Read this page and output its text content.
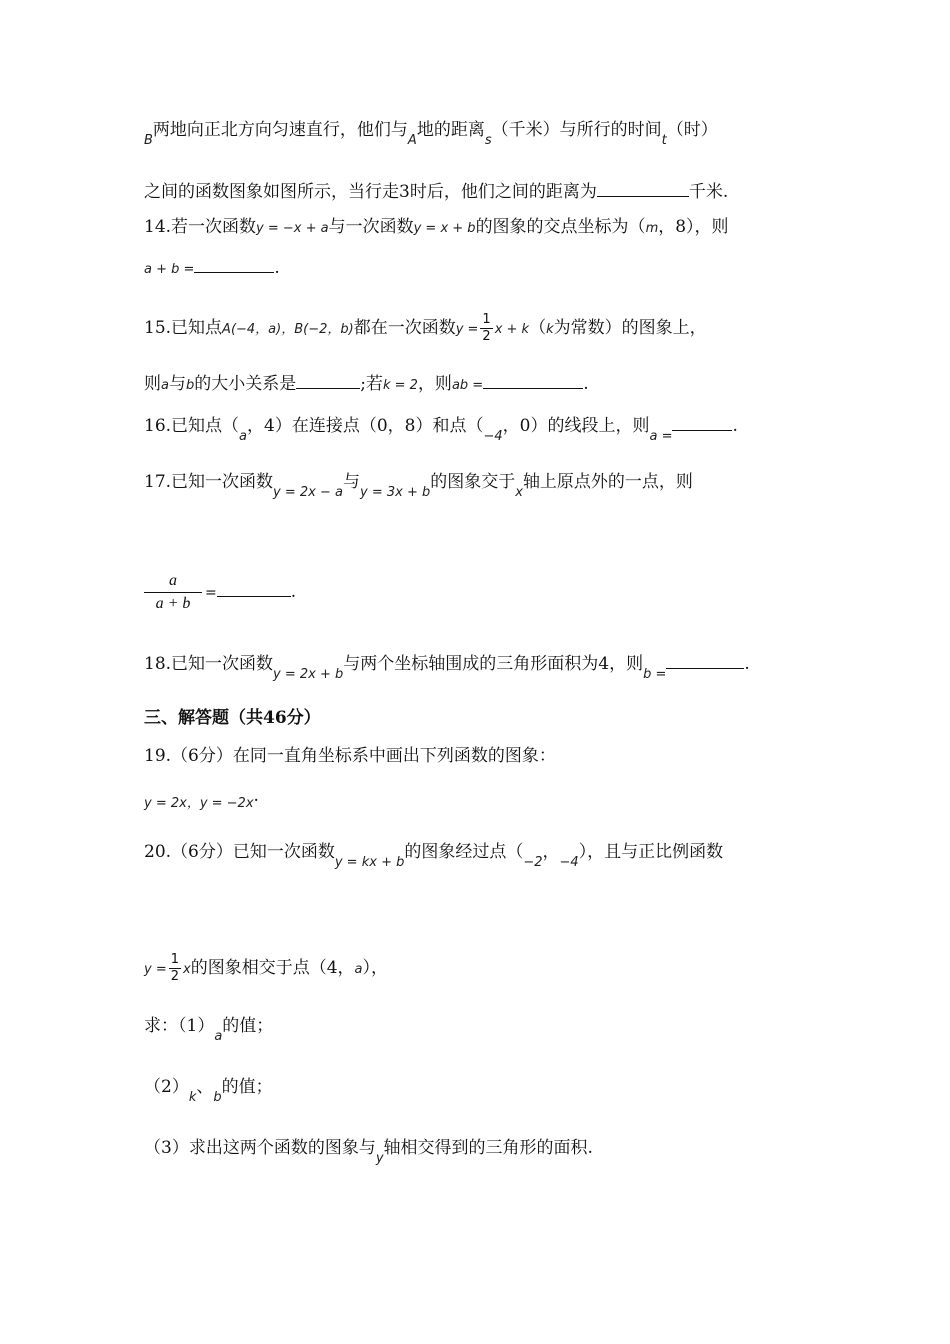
$_B$两地向正北方向匀速直行，他们与$_A$地的距离$_s$（千米）与所行的时间$_t$（时）
之间的函数图象如图所示，当行走3时后，他们之间的距离为	千米.
14.若一次函数y = −x + a与一次函数y = x + b的图象的交点坐标为（m，8），则
a + b =	.
15.已知点A(−4，a)，B(−2，b)都在一次函数$y = \frac{1}{2}$ x + k（k为常数）的图象上，
则a与b的大小关系是	;若k = 2，则ab =	.
16.已知点（$_a$，4）在连接点（0，8）和点（$_{-4}$，0）的线段上，则$_{a =}$.
17.已知一次函数$_{y = 2x - a}$与$_{y = 3x + b}$的图象交于$_x$轴上原点外的一点，则
$\frac{a}{a + b}$ =	.
18.已知一次函数$_{y = 2x + b}$与两个坐标轴围成的三角形面积为4，则$_{b =}$.
三、解答题（共46分）
19.（6分）在同一直角坐标系中画出下列函数的图象：
y = 2x，y = −2x.
20.（6分）已知一次函数$_{y = kx + b}$的图象经过点（$_{-2}$，$_{-4}$），且与正比例函数
$y = \frac{1}{2}$ x的图象相交于点（4，a），
求：$(1)_a$的值；
$(2)_k$、$_b$的值；
（3）求出这两个函数的图象与$_y$轴相交得到的三角形的面积.
